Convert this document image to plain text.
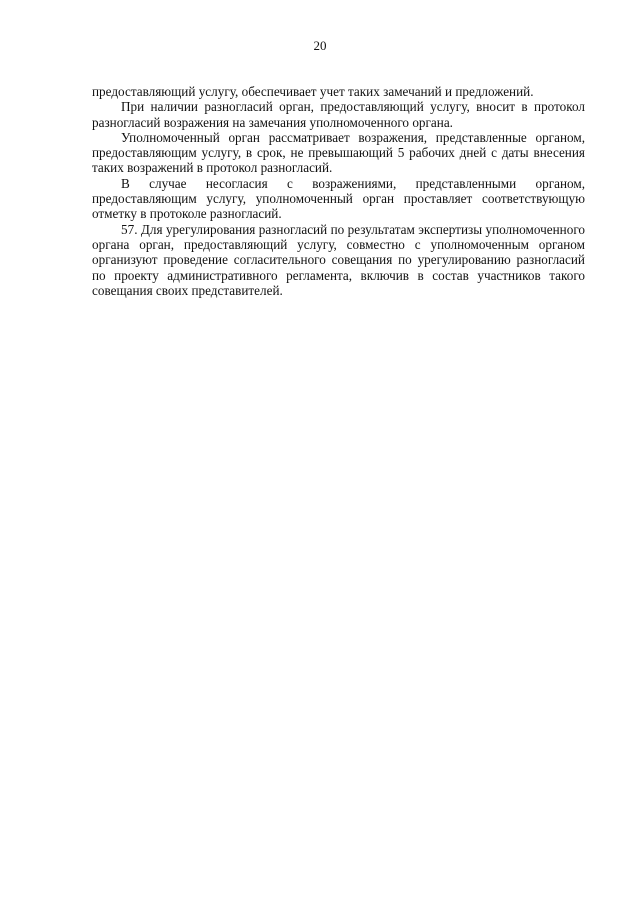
20

предоставляющий услугу, обеспечивает учет таких замечаний и предложений.

При наличии разногласий орган, предоставляющий услугу, вносит в протокол разногласий возражения на замечания уполномоченного органа.

Уполномоченный орган рассматривает возражения, представленные органом, предоставляющим услугу, в срок, не превышающий 5 рабочих дней с даты внесения таких возражений в протокол разногласий.

В случае несогласия с возражениями, представленными органом, предоставляющим услугу, уполномоченный орган проставляет соответствующую отметку в протоколе разногласий.

57. Для урегулирования разногласий по результатам экспертизы уполномоченного органа орган, предоставляющий услугу, совместно с уполномоченным органом организуют проведение согласительного совещания по урегулированию разногласий по проекту административного регламента, включив в состав участников такого совещания своих представителей.
